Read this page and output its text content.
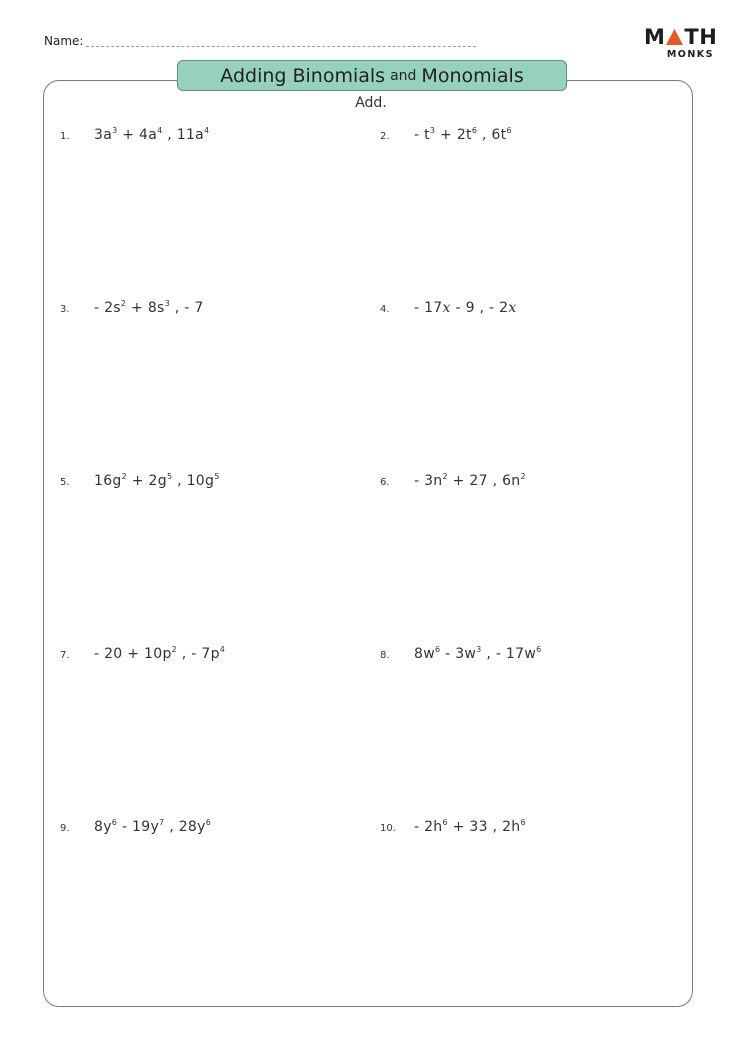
Name:	M TH
MONKS
Adding Binomials and Monomials
Add.
1.	$3a^3 + 4a^4$ , $11a^4$
2.	- $t^3 + 2t^6$ , $6t^6$
3.	- $2s^2 + 8s^3$ , - 7	4.	- 17x - 9 , - 2x
5.	$16g^2 + 2g^5$ , $10g^5$
6.	- $3n^2 + 27$ , $6n^2$
7.	- $20 + 10p^2$ , - $7p^4$
8.	$8w^6 - 3w^3$ , - $17w^6$
9.	$8y^6 - 19y^7$ , $28y^6$
10.	- $2h^6 + 33$ , $2h^6$
